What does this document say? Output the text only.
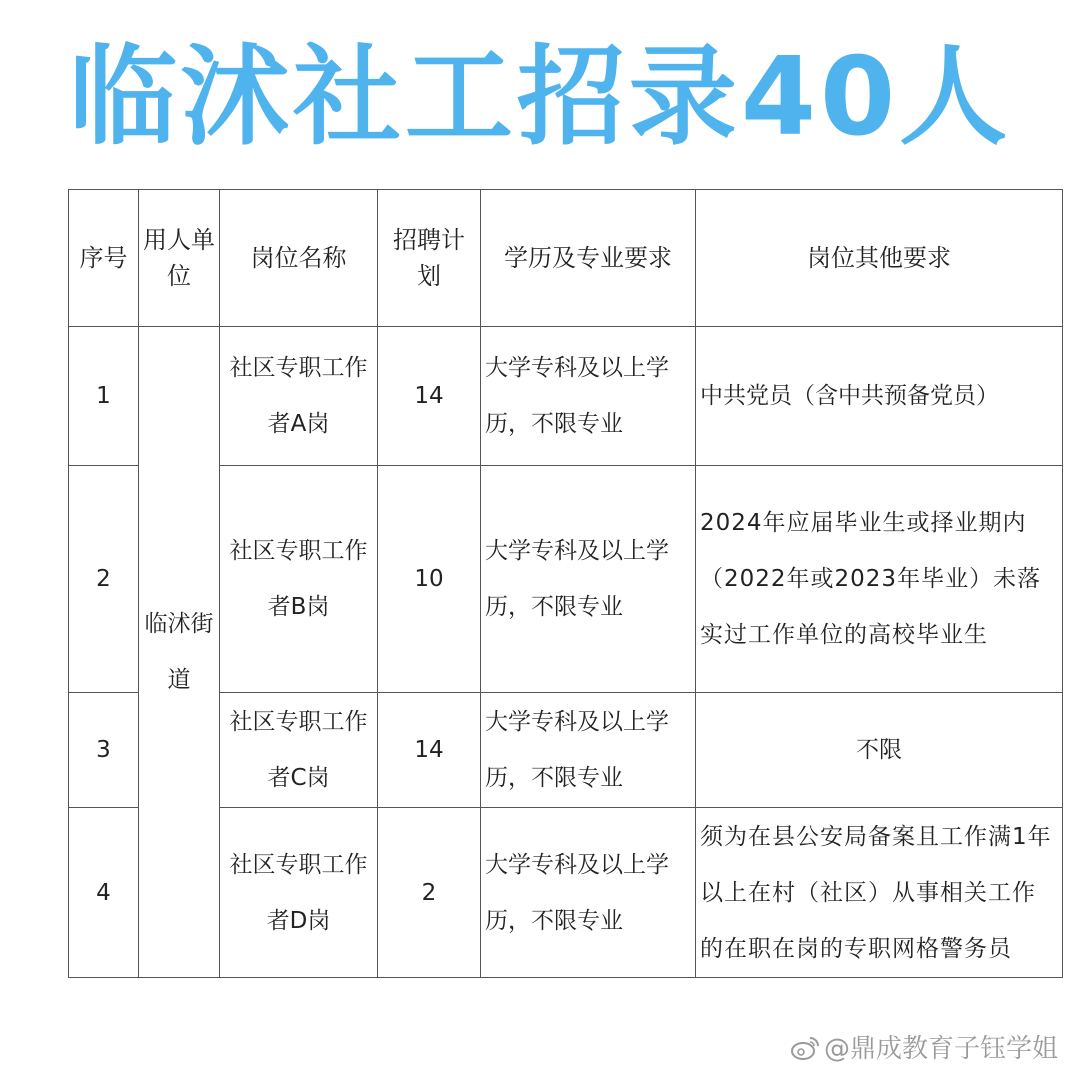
临沭社工招录40人
序号	用人单位	岗位名称	招聘计划	学历及专业要求	岗位其他要求
1	临沭街道	社区专职工作者A岗	14	大学专科及以上学历，不限专业	中共党员（含中共预备党员）
2		社区专职工作者B岗	10	大学专科及以上学历，不限专业	2024年应届毕业生或择业期内（2022年或2023年毕业）未落实过工作单位的高校毕业生
3		社区专职工作者C岗	14	大学专科及以上学历，不限专业	不限
4		社区专职工作者D岗	2	大学专科及以上学历，不限专业	须为在县公安局备案且工作满1年以上在村（社区）从事相关工作的在职在岗的专职网格警务员
@鼎成教育子钰学姐
